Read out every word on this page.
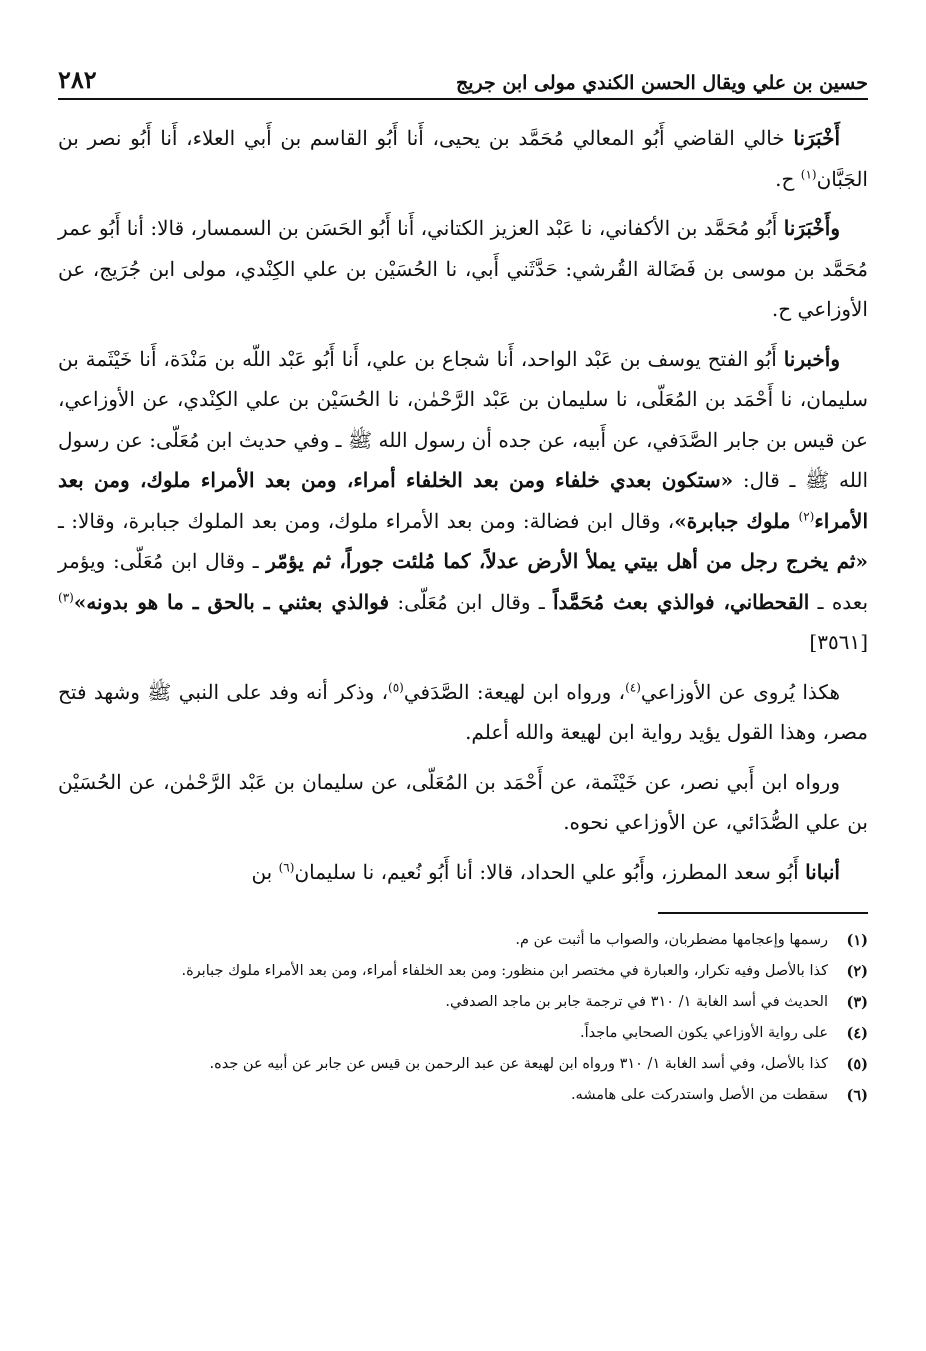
حسين بن علي ويقال الحسن الكندي مولى ابن جريج
٢٨٢

أَخْبَرَنا خالي القاضي أَبُو المعالي مُحَمَّد بن يحيى، أَنا أَبُو القاسم بن أَبي العلاء، أَنا أَبُو نصر بن الجَبَّان$^{(١)}$ ح.

وأَخْبَرَنا أَبُو مُحَمَّد بن الأكفاني، نا عَبْد العزيز الكتاني، أَنا أَبُو الحَسَن بن السمسار، قالا: أنا أَبُو عمر مُحَمَّد بن موسى بن فَضَالة القُرشي: حَدَّثَني أَبي، نا الحُسَيْن بن علي الكِنْدي، مولى ابن جُرَيج، عن الأوزاعي ح.

وأخبرنا أَبُو الفتح يوسف بن عَبْد الواحد، أَنا شجاع بن علي، أَنا أَبُو عَبْد اللّه بن مَنْدَة، أَنا خَيْثَمة بن سليمان، نا أَحْمَد بن المُعَلّى، نا سليمان بن عَبْد الرَّحْمٰن، نا الحُسَيْن بن علي الكِنْدي، عن الأوزاعي، عن قيس بن جابر الصَّدَفي، عن أَبيه، عن جده أن رسول الله ﷺ ـ وفي حديث ابن مُعَلّى: عن رسول الله ﷺ ـ قال: «ستكون بعدي خلفاء ومن بعد الخلفاء أمراء، ومن بعد الأمراء ملوك، ومن بعد الأمراء$^{(٢)}$ ملوك جبابرة»، وقال ابن فضالة: ومن بعد الأمراء ملوك، ومن بعد الملوك جبابرة، وقالا: ـ «ثم يخرج رجل من أهل بيتي يملأ الأرض عدلاً، كما مُلئت جوراً، ثم يؤمّر ـ وقال ابن مُعَلّى: ويؤمر بعده ـ القحطاني، فوالذي بعث مُحَمَّداً ـ وقال ابن مُعَلّى: فوالذي بعثني ـ بالحق ـ ما هو بدونه»$^{(٣)}$[٣٥٦١]

هكذا يُروى عن الأوزاعي$^{(٤)}$، ورواه ابن لهيعة: الصَّدَفي$^{(٥)}$، وذكر أنه وفد على النبي ﷺ وشهد فتح مصر، وهذا القول يؤيد رواية ابن لهيعة والله أعلم.

ورواه ابن أَبي نصر، عن خَيْثَمة، عن أَحْمَد بن المُعَلّى، عن سليمان بن عَبْد الرَّحْمٰن، عن الحُسَيْن بن علي الصُّدَائي، عن الأوزاعي نحوه.

أنبانا أَبُو سعد المطرز، وأَبُو علي الحداد، قالا: أنا أَبُو نُعيم، نا سليمان$^{(٦)}$ بن

(١)
رسمها وإعجامها مضطربان، والصواب ما أثبت عن م.
(٢)
كذا بالأصل وفيه تكرار، والعبارة في مختصر ابن منظور: ومن بعد الخلفاء أمراء، ومن بعد الأمراء ملوك جبابرة.
(٣)
الحديث في أسد الغابة ١/ ٣١٠ في ترجمة جابر بن ماجد الصدفي.
(٤)
على رواية الأوزاعي يكون الصحابي ماجداً.
(٥)
كذا بالأصل، وفي أسد الغابة ١/ ٣١٠ ورواه ابن لهيعة عن عبد الرحمن بن قيس عن جابر عن أبيه عن جده.
(٦)
سقطت من الأصل واستدركت على هامشه.
